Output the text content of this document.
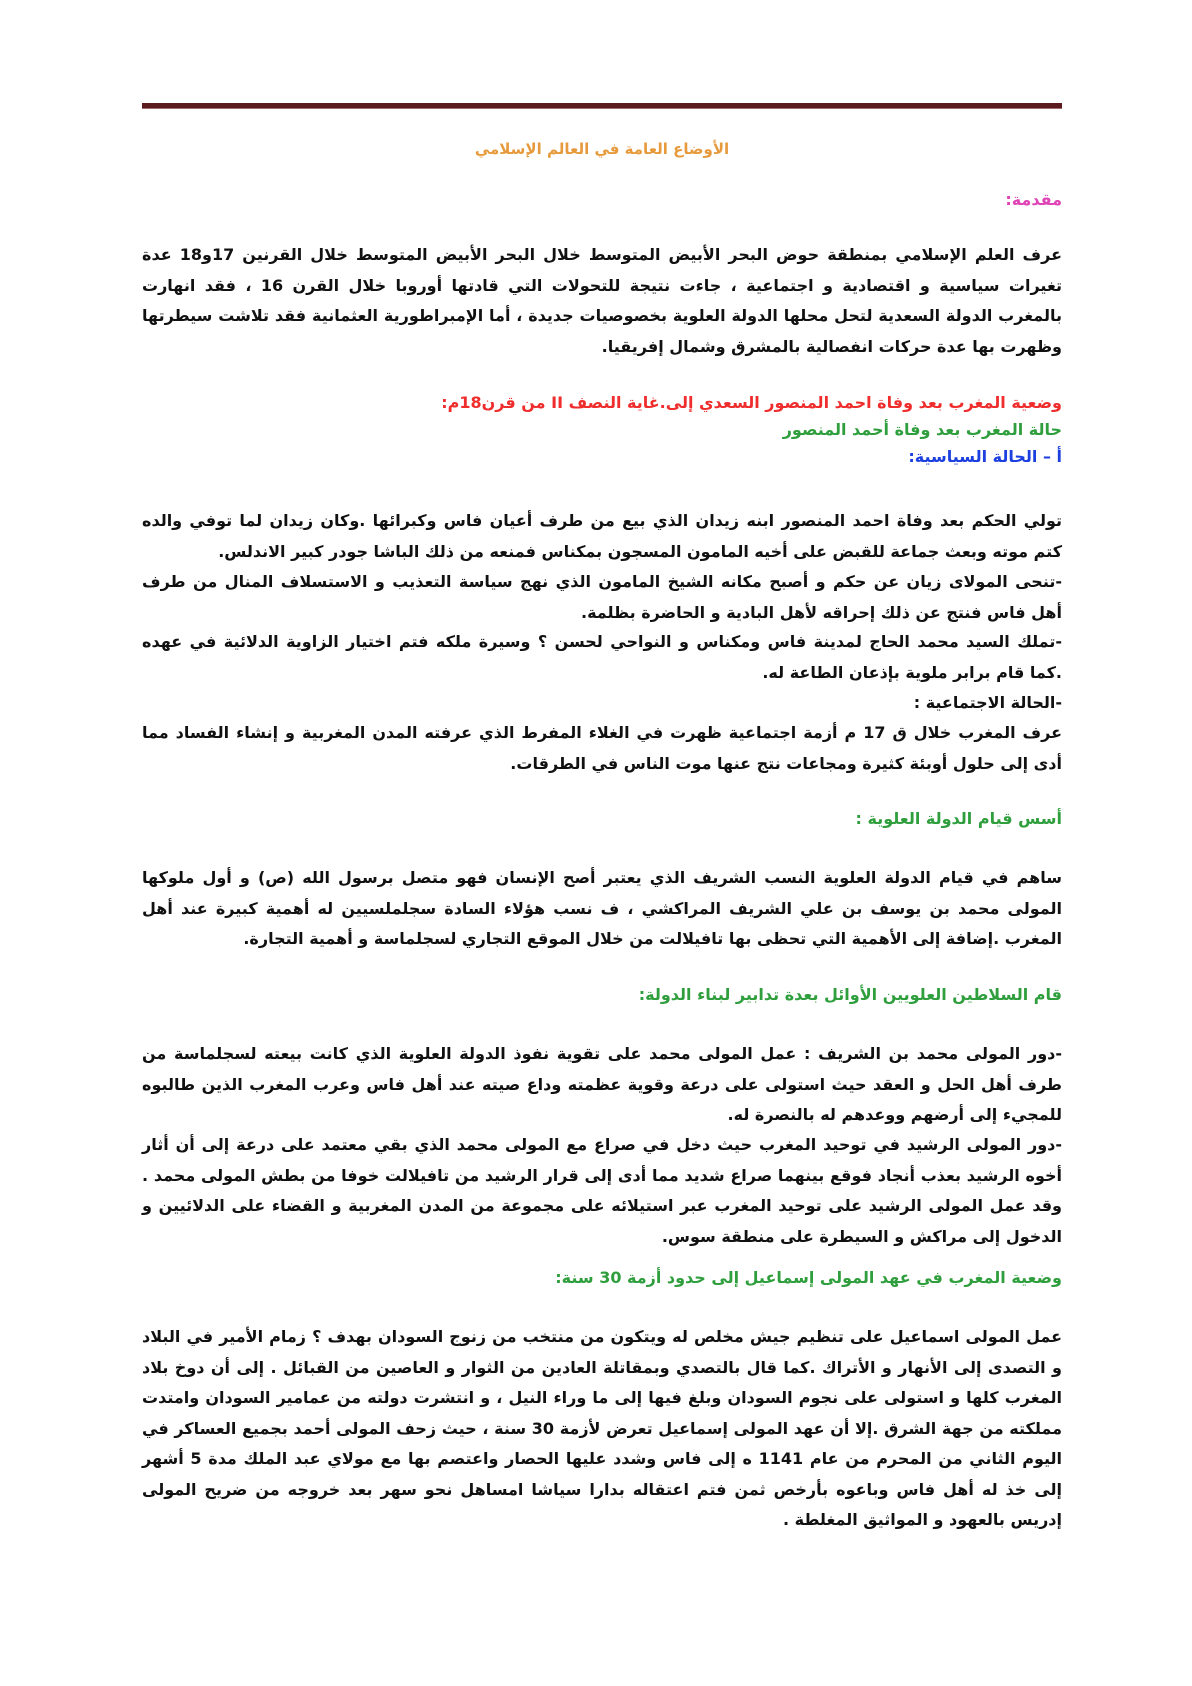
الأوضاع العامة في العالم الإسلامي
مقدمة:
عرف العلم الإسلامي بمنطقة حوض البحر الأبيض المتوسط خلال البحر الأبيض المتوسط خلال القرنين 17و18 عدة تغيرات سياسية و اقتصادية و اجتماعية ، جاءت نتيجة للتحولات التي قادتها أوروبا خلال القرن 16 ، فقد انهارت بالمغرب الدولة السعدية لتحل محلها الدولة العلوية بخصوصيات جديدة ، أما الإمبراطورية العثمانية فقد تلاشت سيطرتها وظهرت بها عدة حركات انفصالية بالمشرق وشمال إفريقيا.
وضعية المغرب بعد وفاة احمد المنصور السعدي إلى.غاية النصف II من قرن18م:
حالة المغرب بعد وفاة أحمد المنصور
أ – الحالة السياسية:
تولي الحكم بعد وفاة احمد المنصور ابنه زيدان الذي بيع من طرف أعيان فاس وكبرائها .وكان زيدان لما توفي والده كتم موته وبعث جماعة للقبض على أخيه المامون المسجون بمكناس فمنعه من ذلك الباشا جودر كبير الاندلس.
-تنحى المولاى زيان عن حكم و أصبح مكانه الشيخ المامون الذي نهج سياسة التعذيب و الاستسلاف المنال من طرف أهل فاس فنتج عن ذلك إحراقه لأهل البادية و الحاضرة بظلمة.
-تملك السيد محمد الحاج لمدينة فاس ومكناس و النواحي لحسن ؟ وسيرة ملكه فتم اختيار الزاوية الدلائية في عهده .كما قام برابر ملوية بإذعان الطاعة له.
-الحالة الاجتماعية :
عرف المغرب خلال ق 17 م أزمة اجتماعية ظهرت في الغلاء المفرط الذي عرفته المدن المغربية و إنشاء الفساد مما أدى إلى حلول أوبئة كثيرة ومجاعات نتج عنها موت الناس في الطرقات.
أسس قيام الدولة العلوية :
ساهم في قيام الدولة العلوية النسب الشريف الذي يعتبر أصح الإنسان فهو متصل برسول الله (ص) و أول ملوكها المولى محمد بن يوسف بن علي الشريف المراكشي ، ف نسب هؤلاء السادة سجلملسيين له أهمية كبيرة عند أهل المغرب .إضافة إلى الأهمية التي تحظى بها تافيلالت من خلال الموقع التجاري لسجلماسة و أهمية التجارة.
قام السلاطين العلويين الأوائل بعدة تدابير لبناء الدولة:
-دور المولى محمد بن الشريف : عمل المولى محمد على تقوية نفوذ الدولة العلوية الذي كانت بيعته لسجلماسة من طرف أهل الحل و العقد حيث استولى على درعة وقوية عظمته وداع صيته عند أهل فاس وعرب المغرب الذين طالبوه للمجيء إلى أرضهم ووعدهم له بالنصرة له.
-دور المولى الرشيد في توحيد المغرب حيث دخل في صراع مع المولى محمد الذي بقي معتمد على درعة إلى أن أثار أخوه الرشيد بعذب أنجاد فوقع بينهما صراع شديد مما أدى إلى قرار الرشيد من تافيلالت خوفا من بطش المولى محمد . وقد عمل المولى الرشيد على توحيد المغرب عبر استيلائه على مجموعة من المدن المغربية و القضاء على الدلائيين و الدخول إلى مراكش و السيطرة على منطقة سوس.
وضعية المغرب في عهد المولى إسماعيل إلى حدود أزمة 30 سنة:
عمل المولى اسماعيل على تنظيم جيش مخلص له ويتكون من منتخب من زنوج السودان بهدف ؟ زمام الأمير في البلاد و التصدى إلى الأنهار و الأتراك .كما قال بالتصدي وبمقاتلة العادين من الثوار و العاصين من القبائل . إلى أن دوخ بلاد المغرب كلها و استولى على نجوم السودان وبلغ فيها إلى ما وراء النيل ، و انتشرت دولته من عمامير السودان وامتدت مملكته من جهة الشرق .إلا أن عهد المولى إسماعيل تعرض لأزمة 30 سنة ، حيث زحف المولى أحمد بجميع العساكر في اليوم الثاني من المحرم من عام 1141 ه إلى فاس وشدد عليها الحصار واعتصم بها مع مولاي عبد الملك مدة 5 أشهر إلى خذ له أهل فاس وباعوه بأرخص ثمن فتم اعتقاله بدارا سياشا امساهل نحو سهر بعد خروجه من ضريح المولى إدريس بالعهود و المواثيق المغلطة .
